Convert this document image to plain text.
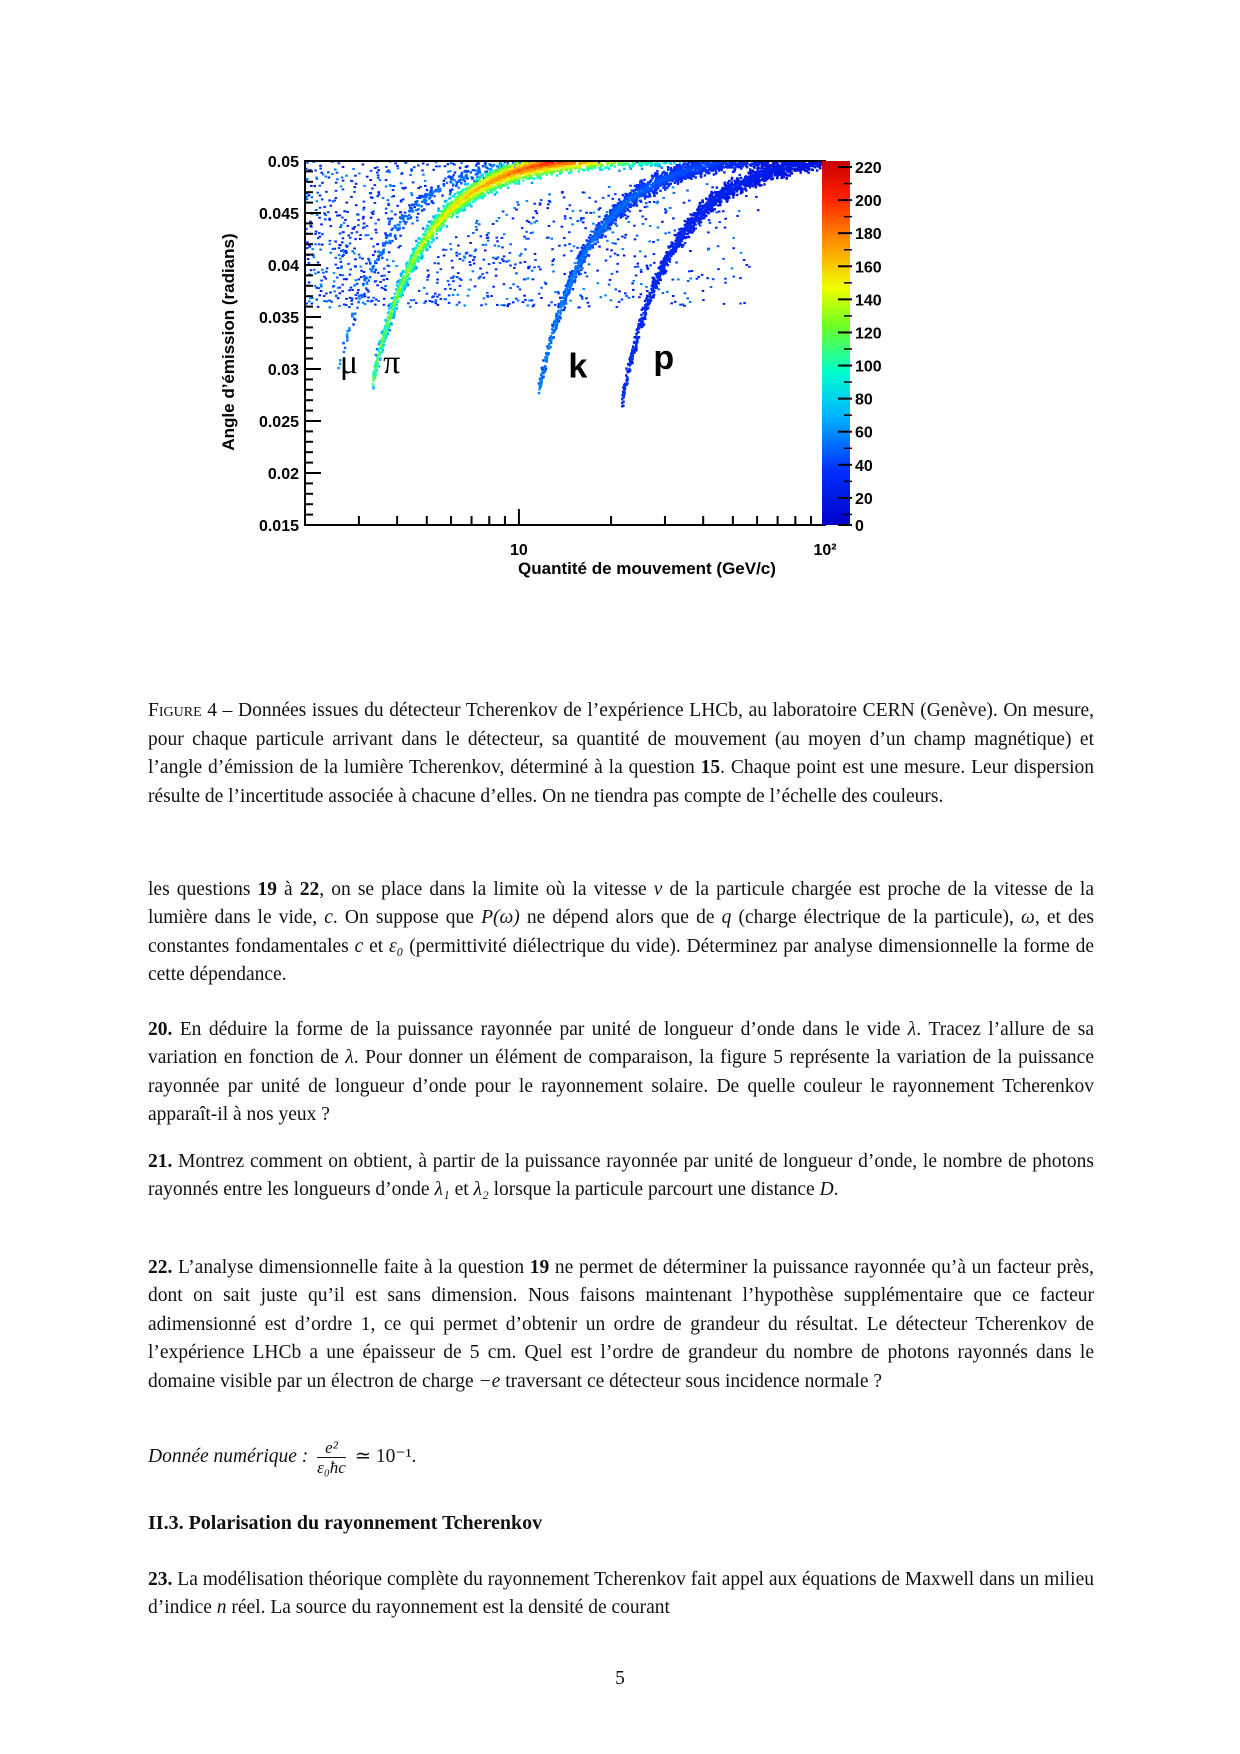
10	10²
0.015
0.02
0.025
0.03
0.035
0.04
0.045
0.05	220
200
180
160
140
120
100
80
60
40
20
0
μ π	k p
Quantité de mouvement (GeV/c)
Angle d’émission (radians)
Figure 4 – Données issues du détecteur Tcherenkov de l’expérience LHCb, au laboratoire CERN (Genève). On mesure, pour chaque particule arrivant dans le détecteur, sa quantité de mouvement (au moyen d’un champ magnétique) et l’angle d’émission de la lumière Tcherenkov, déterminé à la question 15. Chaque point est une mesure. Leur dispersion résulte de l’incertitude associée à chacune d’elles. On ne tiendra pas compte de l’échelle des couleurs.

les questions 19 à 22, on se place dans la limite où la vitesse v de la particule chargée est proche de la vitesse de la lumière dans le vide, c. On suppose que P(ω) ne dépend alors que de q (charge électrique de la particule), ω, et des constantes fondamentales c et ε₀ (permittivité diélectrique du vide). Déterminez par analyse dimensionnelle la forme de cette dépendance.

20. En déduire la forme de la puissance rayonnée par unité de longueur d’onde dans le vide λ. Tracez l’allure de sa variation en fonction de λ. Pour donner un élément de comparaison, la figure 5 représente la variation de la puissance rayonnée par unité de longueur d’onde pour le rayonnement solaire. De quelle couleur le rayonnement Tcherenkov apparaît-il à nos yeux ?

21. Montrez comment on obtient, à partir de la puissance rayonnée par unité de longueur d’onde, le nombre de photons rayonnés entre les longueurs d’onde λ₁ et λ₂ lorsque la particule parcourt une distance D.

22. L’analyse dimensionnelle faite à la question 19 ne permet de déterminer la puissance rayonnée qu’à un facteur près, dont on sait juste qu’il est sans dimension. Nous faisons maintenant l’hypothèse supplémentaire que ce facteur adimensionné est d’ordre 1, ce qui permet d’obtenir un ordre de grandeur du résultat. Le détecteur Tcherenkov de l’expérience LHCb a une épaisseur de 5 cm. Quel est l’ordre de grandeur du nombre de photons rayonnés dans le domaine visible par un électron de charge −e traversant ce détecteur sous incidence normale ?

Donnée numérique : $\frac{\text{e²}}{\text{ε₀ħc}}$ ≃ 10⁻¹.

II.3. Polarisation du rayonnement Tcherenkov

23. La modélisation théorique complète du rayonnement Tcherenkov fait appel aux équations de Maxwell dans un milieu d’indice n réel. La source du rayonnement est la densité de courant

5
